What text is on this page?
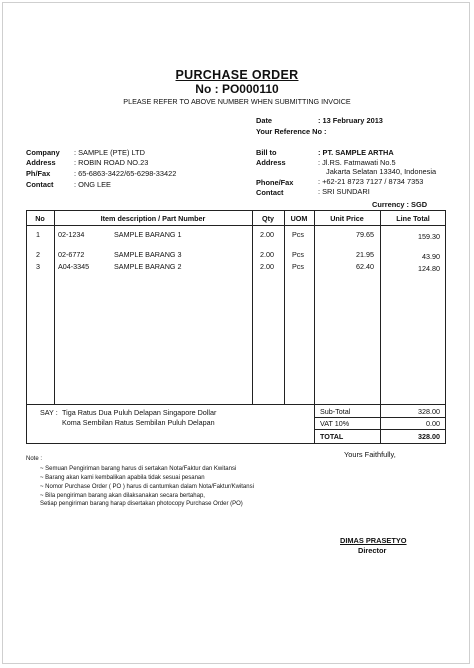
PURCHASE ORDER
No : PO000110
PLEASE REFER TO ABOVE NUMBER WHEN SUBMITTING INVOICE
Date	: 13 February 2013
Your Reference No :
Company : SAMPLE (PTE) LTD
Address : ROBIN ROAD NO.23
Ph/Fax	: 65-6863-3422/65-6298-33422
Contact	: ONG LEE
Bill to	: PT. SAMPLE ARTHA
Address	: Jl.RS. Fatmawati No.5
Jakarta Selatan 13340, Indonesia
Phone/Fax	: +62-21 8723 7127 / 8734 7353
Contact	: SRI SUNDARI
Currency : SGD
No	Item description / Part Number	Qty	UOM	Unit Price	Line Total
1	02-1234	SAMPLE BARANG 1	2.00	Pcs	79.65	159.30
2	02-6772	SAMPLE BARANG 3	2.00	Pcs	21.95	43.90
3	A04-3345	SAMPLE BARANG 2	2.00	Pcs	62.40	124.80
SAY : Tiga Ratus Dua Puluh Delapan Singapore Dollar
Koma Sembilan Ratus Sembilan Puluh Delapan
Sub-Total	328.00
VAT 10%	0.00
TOTAL	328.00
Yours Faithfully,
Note :
~ Semuan Pengiriman barang harus di sertakan Nota/Faktur dan Kwitansi
~ Barang akan kami kembalikan apabila tidak sesuai pesanan
~ Nomor Purchase Order ( PO ) harus di cantumkan dalam Nota/Faktur/Kwitansi
~ Bila pengiriman barang akan dilaksanakan secara bertahap,
Setiap pengiriman barang harap disertakan photocopy Purchase Order (PO)
DIMAS PRASETYO
Director
